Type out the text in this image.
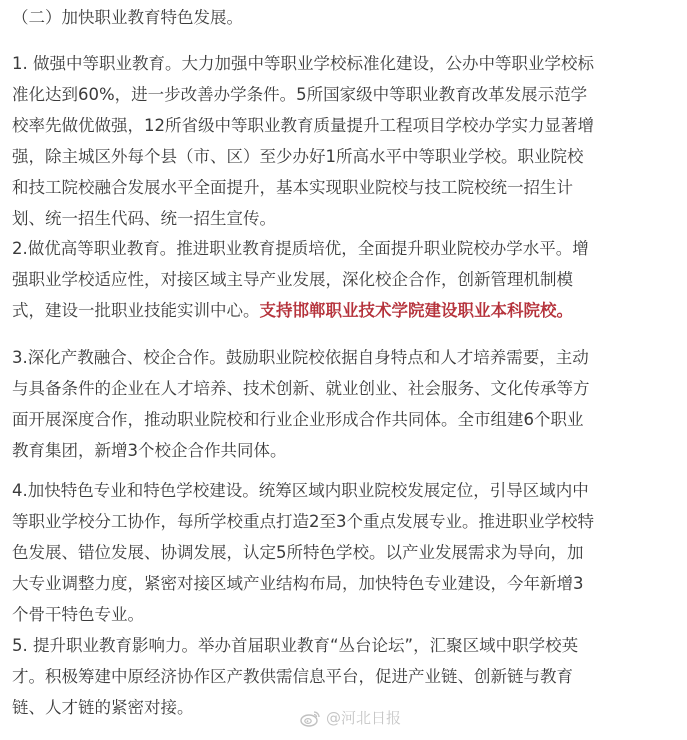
（二）加快职业教育特色发展。
1. 做强中等职业教育。大力加强中等职业学校标准化建设，公办中等职业学校标
准化达到60%，进一步改善办学条件。5所国家级中等职业教育改革发展示范学
校率先做优做强，12所省级中等职业教育质量提升工程项目学校办学实力显著增
强，除主城区外每个县（市、区）至少办好1所高水平中等职业学校。职业院校
和技工院校融合发展水平全面提升，基本实现职业院校与技工院校统一招生计
划、统一招生代码、统一招生宣传。
2.做优高等职业教育。推进职业教育提质培优，全面提升职业院校办学水平。增
强职业学校适应性，对接区域主导产业发展，深化校企合作，创新管理机制模
式，建设一批职业技能实训中心。支持邯郸职业技术学院建设职业本科院校。
3.深化产教融合、校企合作。鼓励职业院校依据自身特点和人才培养需要，主动
与具备条件的企业在人才培养、技术创新、就业创业、社会服务、文化传承等方
面开展深度合作，推动职业院校和行业企业形成合作共同体。全市组建6个职业
教育集团，新增3个校企合作共同体。
4.加快特色专业和特色学校建设。统筹区域内职业院校发展定位，引导区域内中
等职业学校分工协作，每所学校重点打造2至3个重点发展专业。推进职业学校特
色发展、错位发展、协调发展，认定5所特色学校。以产业发展需求为导向，加
大专业调整力度，紧密对接区域产业结构布局，加快特色专业建设，今年新增3
个骨干特色专业。
5. 提升职业教育影响力。举办首届职业教育“丛台论坛”，汇聚区域中职学校英
才。积极筹建中原经济协作区产教供需信息平台，促进产业链、创新链与教育
链、人才链的紧密对接。
@河北日报
